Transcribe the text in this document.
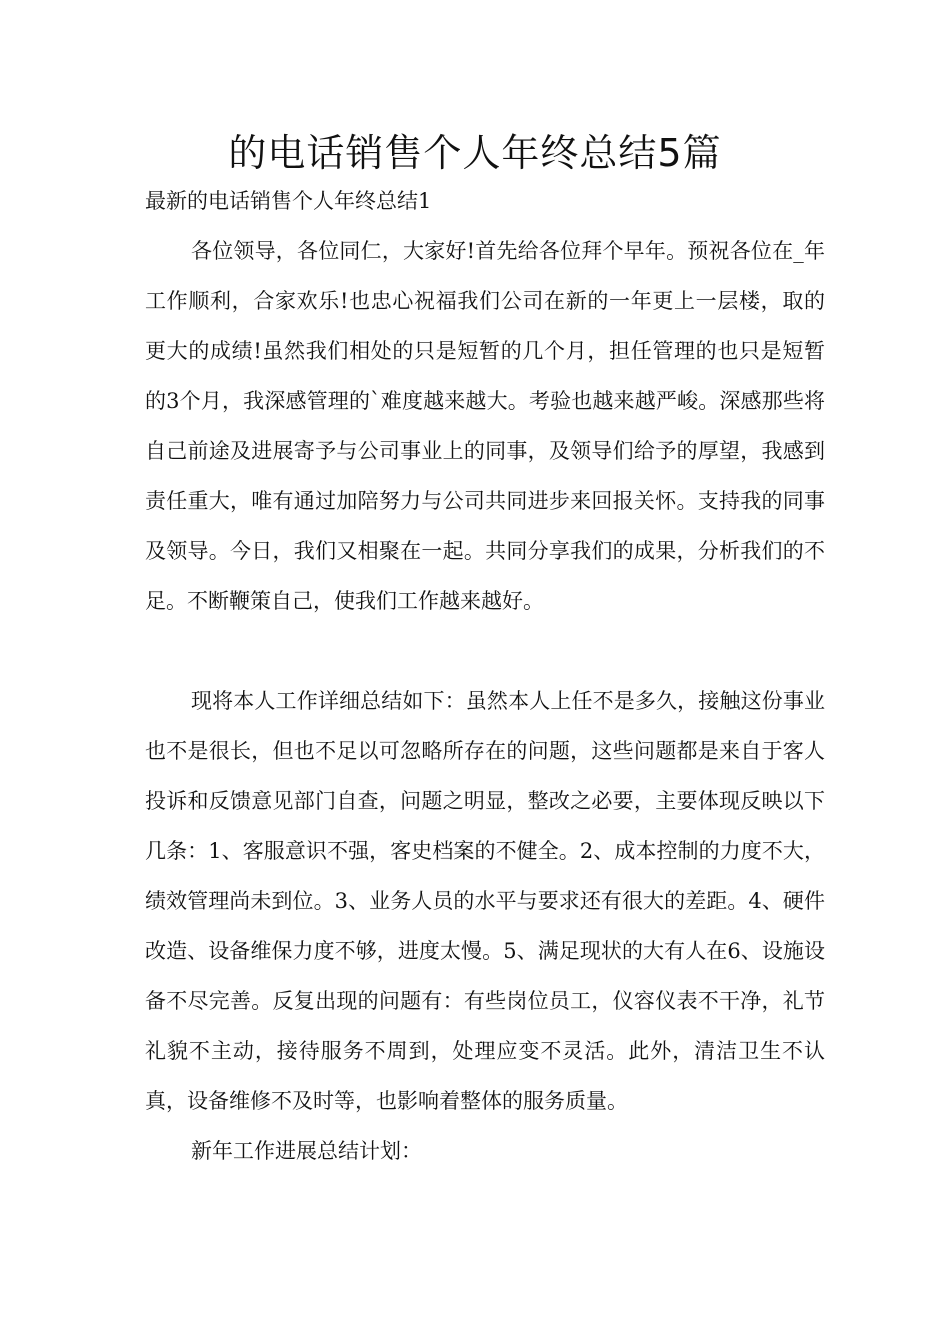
的电话销售个人年终总结5篇

最新的电话销售个人年终总结1

各位领导，各位同仁，大家好!首先给各位拜个早年。预祝各位在_年工作顺利，合家欢乐!也忠心祝福我们公司在新的一年更上一层楼，取的更大的成绩!虽然我们相处的只是短暂的几个月，担任管理的也只是短暂的3个月，我深感管理的`难度越来越大。考验也越来越严峻。深感那些将自己前途及进展寄予与公司事业上的同事，及领导们给予的厚望，我感到责任重大，唯有通过加陪努力与公司共同进步来回报关怀。支持我的同事及领导。今日，我们又相聚在一起。共同分享我们的成果，分析我们的不足。不断鞭策自己，使我们工作越来越好。

现将本人工作详细总结如下：虽然本人上任不是多久，接触这份事业也不是很长，但也不足以可忽略所存在的问题，这些问题都是来自于客人投诉和反馈意见部门自查，问题之明显，整改之必要，主要体现反映以下几条：1、客服意识不强，客史档案的不健全。2、成本控制的力度不大，绩效管理尚未到位。3、业务人员的水平与要求还有很大的差距。4、硬件改造、设备维保力度不够，进度太慢。5、满足现状的大有人在6、设施设备不尽完善。反复出现的问题有：有些岗位员工，仪容仪表不干净，礼节礼貌不主动，接待服务不周到，处理应变不灵活。此外，清洁卫生不认真，设备维修不及时等，也影响着整体的服务质量。

新年工作进展总结计划：
